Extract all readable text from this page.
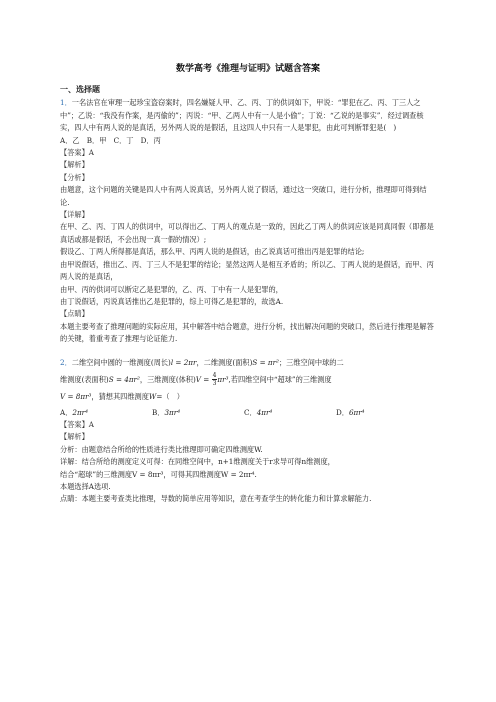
数学高考《推理与证明》试题含答案

一、选择题

1．一名法官在审理一起珍宝盗窃案时，四名嫌疑人甲、乙、丙、丁的供词如下，甲说：“罪犯在乙、丙、丁三人之中”；乙说：“我没有作案，是丙偷的”；丙说：“甲、乙两人中有一人是小偷”；丁说：“乙说的是事实”．经过调查核实，四人中有两人说的是真话，另外两人说的是假话，且这四人中只有一人是罪犯，由此可判断罪犯是(　)

A．乙　B．甲　C．丁　D．丙

【答案】A

【解析】

【分析】

由题意，这个问题的关键是四人中有两人说真话，另外两人说了假话，通过这一突破口，进行分析，推理即可得到结论.

【详解】

在甲、乙、丙、丁四人的供词中，可以得出乙、丁两人的观点是一致的，因此乙丁两人的供词应该是同真同假（即都是真话或都是假话，不会出现一真一假的情况）;

假设乙、丁两人所得都是真话，那么甲、丙两人说的是假话，由乙说真话可推出丙是犯罪的结论;

由甲说假话，推出乙、丙、丁三人不是犯罪的结论；显然这两人是相互矛盾的；所以乙、丁两人说的是假话，而甲、丙两人说的是真话，

由甲、丙的供词可以断定乙是犯罪的，乙、丙、丁中有一人是犯罪的，

由丁说假话，丙说真话推出乙是犯罪的，综上可得乙是犯罪的，故选A.

【点睛】

本题主要考查了推理问题的实际应用，其中解答中结合题意，进行分析，找出解决问题的突破口，然后进行推理是解答的关键，着重考查了推理与论证能力.

2．二维空间中圆的一维测度(周长)l = 2πr，二维测度(面积)S = πr²；三维空间中球的二

维测度(表面积)S = 4πr²，三维测度(体积)$V = \frac{4}{3} \pi r^3$,若四维空间中“超球”的三维测度

V = 8πr³，猜想其四维测度W=（　）

A．2πr⁴	B．3πr⁴	C．4πr⁴	D．6πr⁴

【答案】A

【解析】

分析：由题意结合所给的性质进行类比推理即可确定四维测度W.

详解：结合所给的测度定义可得：在同维空间中，n+1维测度关于r求导可得n维测度，

结合“超球”的三维测度V = 8πr³，可得其四维测度W = 2πr⁴.

本题选择A选项.

点睛：本题主要考查类比推理，导数的简单应用等知识，意在考查学生的转化能力和计算求解能力.
